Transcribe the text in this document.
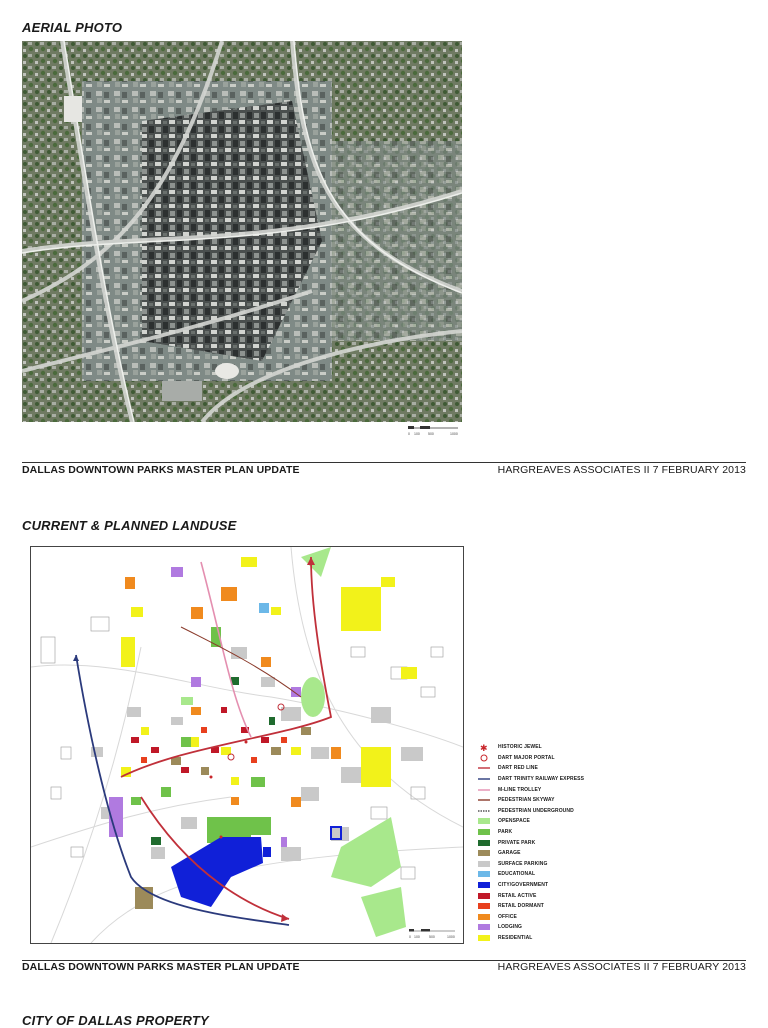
AERIAL PHOTO
0 100 500	1000
DALLAS DOWNTOWN PARKS MASTER PLAN UPDATE	HARGREAVES ASSOCIATES II 7 FEBRUARY 2013
CURRENT & PLANNED LANDUSE
0 100	500	1000
✱ HISTORIC JEWEL
DART MAJOR PORTAL
DART RED LINE
DART TRINITY RAILWAY EXPRESS
M-LINE TROLLEY
PEDESTRIAN SKYWAY
PEDESTRIAN UNDERGROUND
OPENSPACE
PARK
PRIVATE PARK
GARAGE
SURFACE PARKING
EDUCATIONAL
CITY/GOVERNMENT
RETAIL ACTIVE
RETAIL DORMANT
OFFICE
LODGING
RESIDENTIAL
DALLAS DOWNTOWN PARKS MASTER PLAN UPDATE	HARGREAVES ASSOCIATES II 7 FEBRUARY 2013
CITY OF DALLAS PROPERTY
